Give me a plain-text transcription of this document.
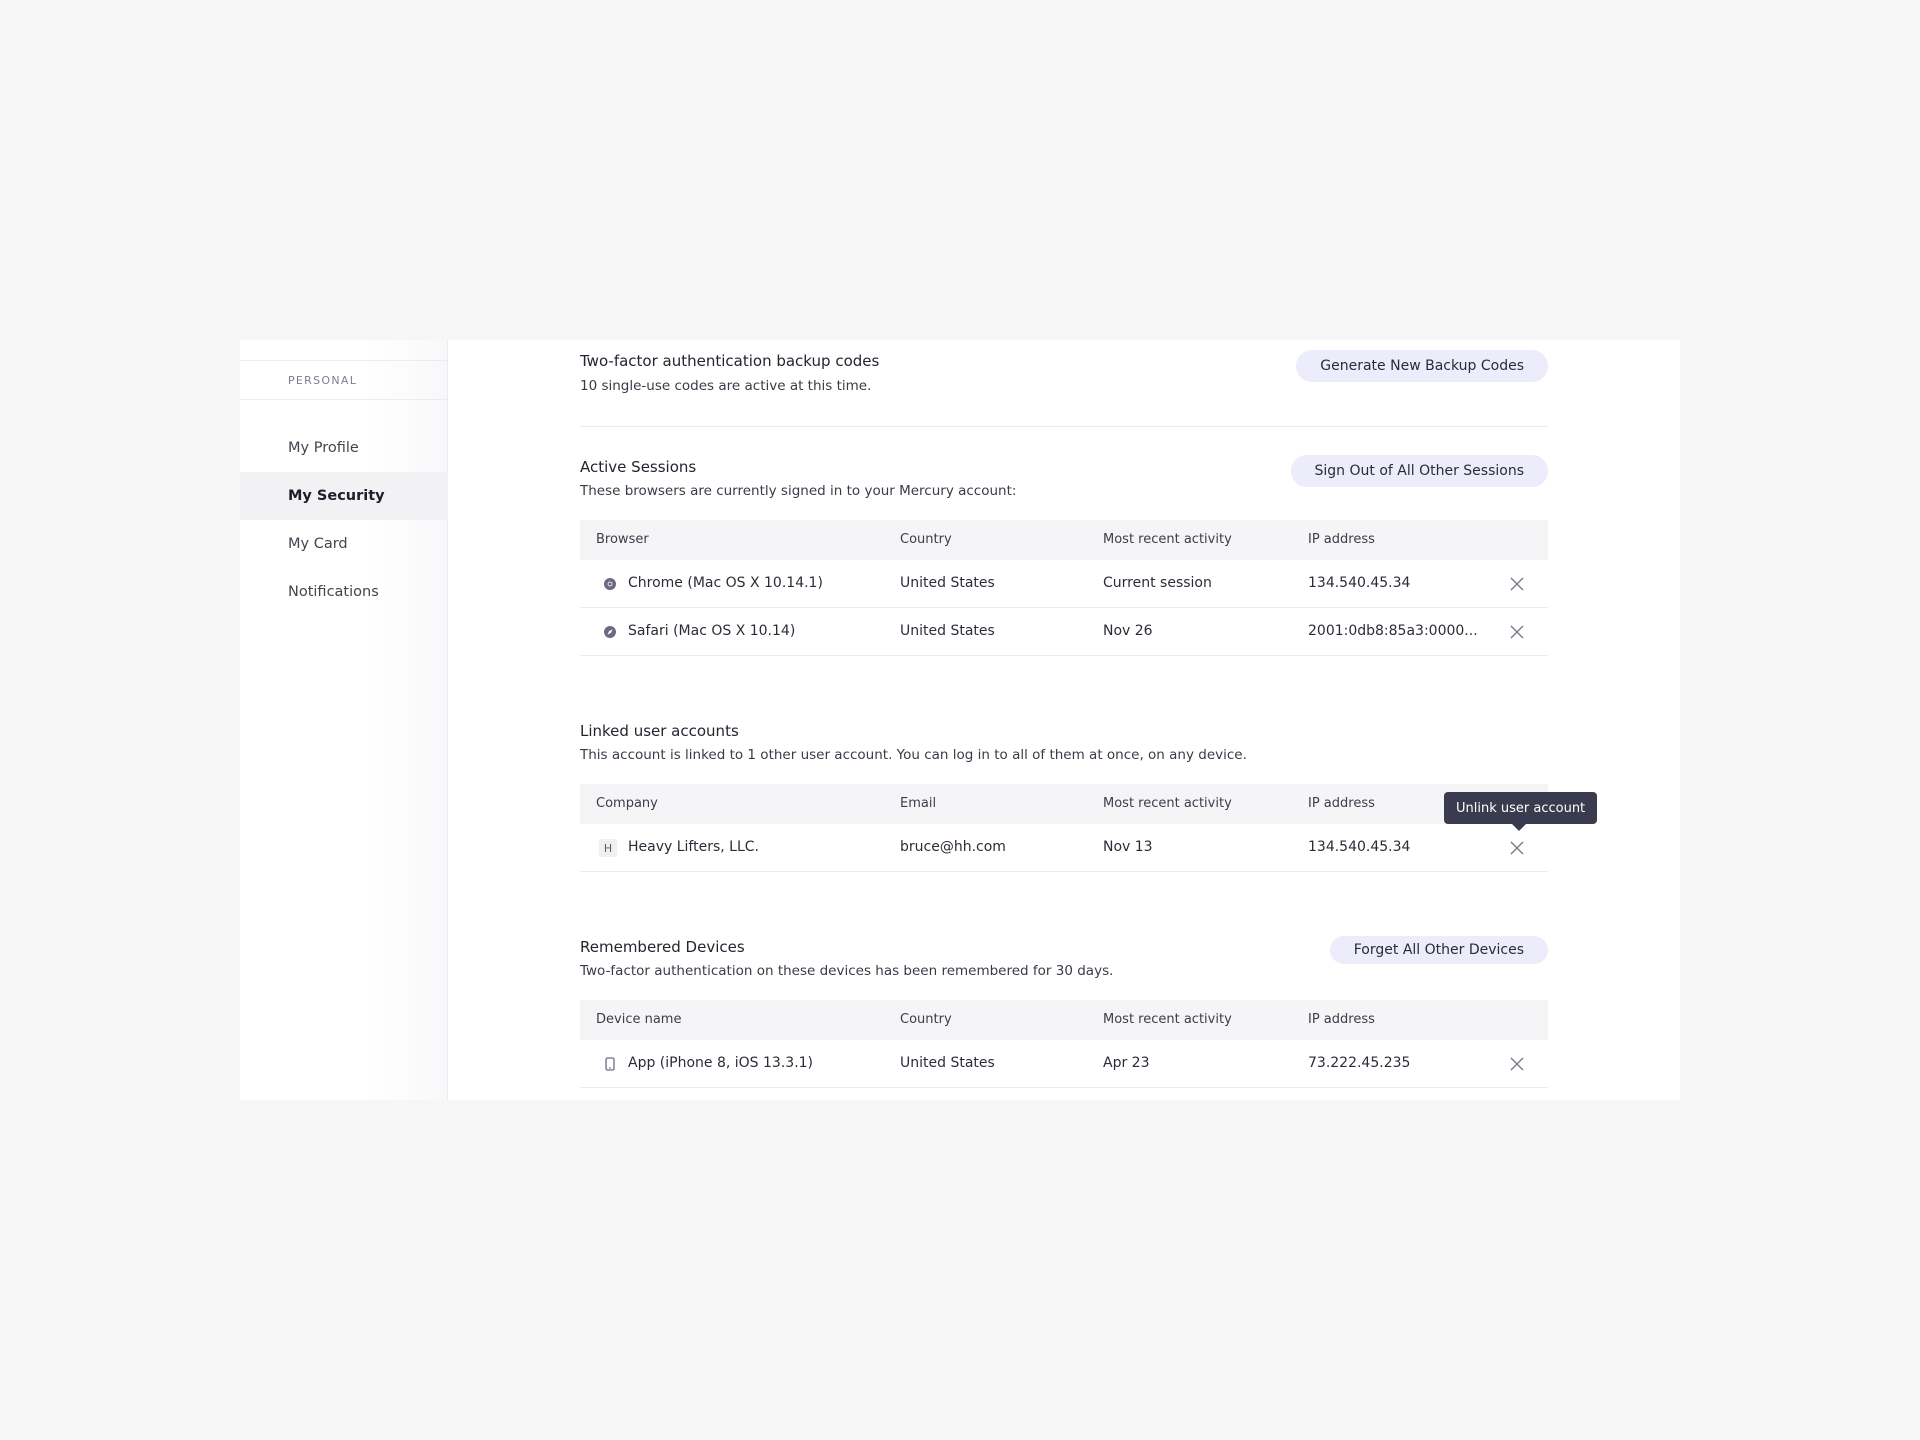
PERSONAL
My Profile
My Security
My Card
Notifications
Two-factor authentication backup codes
10 single-use codes are active at this time.
Generate New Backup Codes
Active Sessions
These browsers are currently signed in to your Mercury account:
Sign Out of All Other Sessions
Browser	Country	Most recent activity	IP address
Chrome (Mac OS X 10.14.1)	United States	Current session	134.540.45.34
Safari (Mac OS X 10.14)	United States	Nov 26	2001:0db8:85a3:0000...
Linked user accounts
This account is linked to 1 other user account. You can log in to all of them at once, on any device.
Company	Email	Most recent activity	IP address
H	Heavy Lifters, LLC.	bruce@hh.com	Nov 13	134.540.45.34
Remembered Devices
Two-factor authentication on these devices has been remembered for 30 days.
Forget All Other Devices
Device name	Country	Most recent activity	IP address
App (iPhone 8, iOS 13.3.1)	United States	Apr 23	73.222.45.235
Unlink user account
